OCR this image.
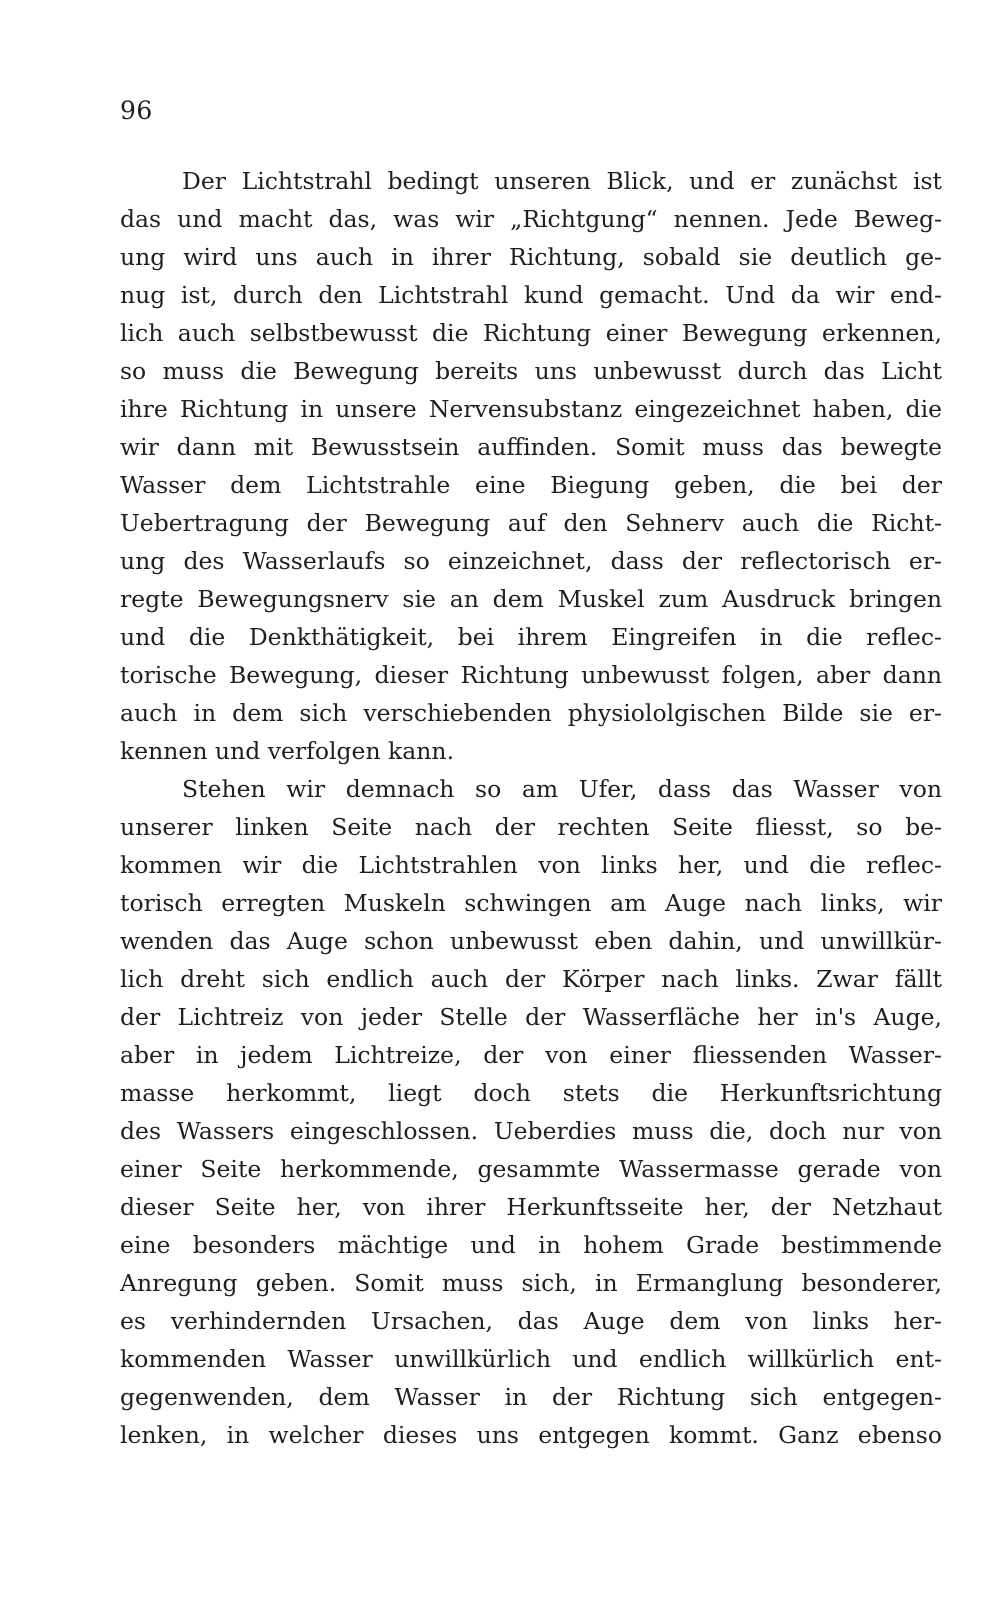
96
Der Lichtstrahl bedingt unseren Blick, und er zunächst ist
das und macht das, was wir „Richtgung“ nennen. Jede Beweg-
ung wird uns auch in ihrer Richtung, sobald sie deutlich ge-
nug ist, durch den Lichtstrahl kund gemacht. Und da wir end-
lich auch selbstbewusst die Richtung einer Bewegung erkennen,
so muss die Bewegung bereits uns unbewusst durch das Licht
ihre Richtung in unsere Nervensubstanz eingezeichnet haben, die
wir dann mit Bewusstsein auffinden. Somit muss das bewegte
Wasser dem Lichtstrahle eine Biegung geben, die bei der
Uebertragung der Bewegung auf den Sehnerv auch die Richt-
ung des Wasserlaufs so einzeichnet, dass der reflectorisch er-
regte Bewegungsnerv sie an dem Muskel zum Ausdruck bringen
und die Denkthätigkeit, bei ihrem Eingreifen in die reflec-
torische Bewegung, dieser Richtung unbewusst folgen, aber dann
auch in dem sich verschiebenden physiololgischen Bilde sie er-
kennen und verfolgen kann.
Stehen wir demnach so am Ufer, dass das Wasser von
unserer linken Seite nach der rechten Seite fliesst, so be-
kommen wir die Lichtstrahlen von links her, und die reflec-
torisch erregten Muskeln schwingen am Auge nach links, wir
wenden das Auge schon unbewusst eben dahin, und unwillkür-
lich dreht sich endlich auch der Körper nach links. Zwar fällt
der Lichtreiz von jeder Stelle der Wasserfläche her in's Auge,
aber in jedem Lichtreize, der von einer fliessenden Wasser-
masse herkommt, liegt doch stets die Herkunftsrichtung
des Wassers eingeschlossen. Ueberdies muss die, doch nur von
einer Seite herkommende, gesammte Wassermasse gerade von
dieser Seite her, von ihrer Herkunftsseite her, der Netzhaut
eine besonders mächtige und in hohem Grade bestimmende
Anregung geben. Somit muss sich, in Ermanglung besonderer,
es verhindernden Ursachen, das Auge dem von links her-
kommenden Wasser unwillkürlich und endlich willkürlich ent-
gegenwenden, dem Wasser in der Richtung sich entgegen-
lenken, in welcher dieses uns entgegen kommt. Ganz ebenso
